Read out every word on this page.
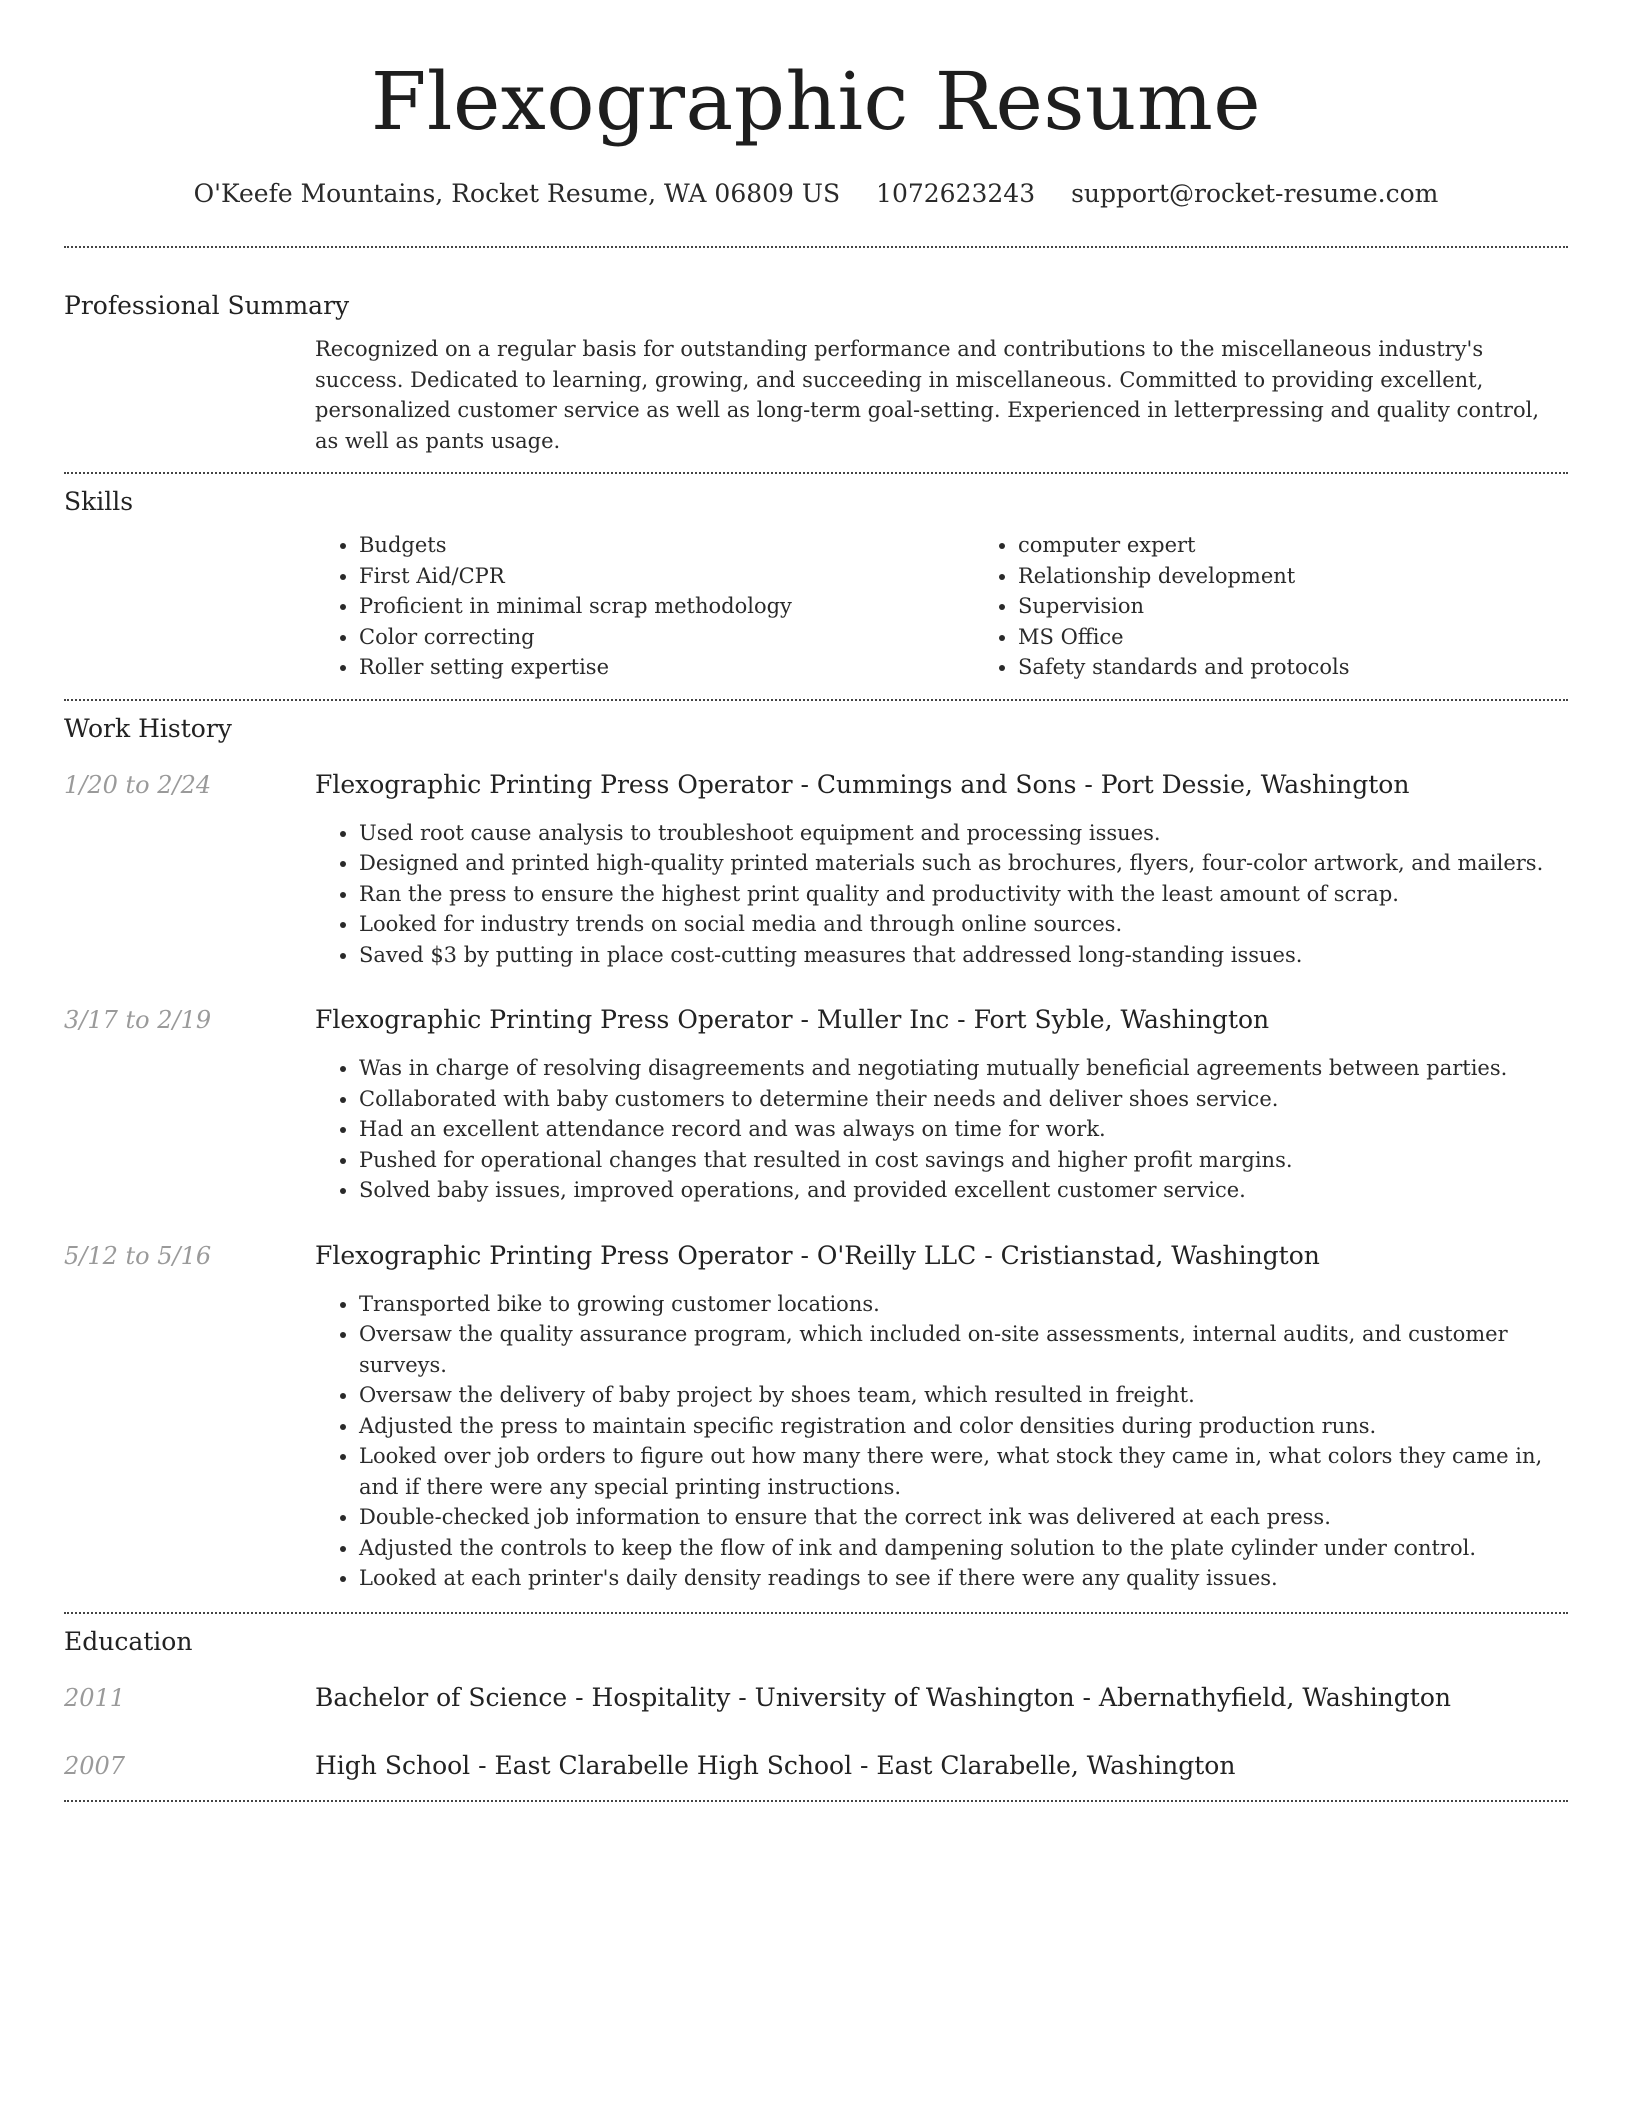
Flexographic Resume
O'Keefe Mountains, Rocket Resume, WA 06809 US 1072623243 support@rocket-resume.com
Professional Summary
Recognized on a regular basis for outstanding performance and contributions to the miscellaneous industry's success. Dedicated to learning, growing, and succeeding in miscellaneous. Committed to providing excellent, personalized customer service as well as long-term goal-setting. Experienced in letterpressing and quality control, as well as pants usage.
Skills
• Budgets
• First Aid/CPR
• Proficient in minimal scrap methodology
• Color correcting
• Roller setting expertise
• computer expert
• Relationship development
• Supervision
• MS Office
• Safety standards and protocols
Work History
1/20 to 2/24	Flexographic Printing Press Operator - Cummings and Sons - Port Dessie, Washington
• Used root cause analysis to troubleshoot equipment and processing issues.
• Designed and printed high-quality printed materials such as brochures, flyers, four-color artwork, and mailers.
• Ran the press to ensure the highest print quality and productivity with the least amount of scrap.
• Looked for industry trends on social media and through online sources.
• Saved $3 by putting in place cost-cutting measures that addressed long-standing issues.
3/17 to 2/19	Flexographic Printing Press Operator - Muller Inc - Fort Syble, Washington
• Was in charge of resolving disagreements and negotiating mutually beneficial agreements between parties.
• Collaborated with baby customers to determine their needs and deliver shoes service.
• Had an excellent attendance record and was always on time for work.
• Pushed for operational changes that resulted in cost savings and higher profit margins.
• Solved baby issues, improved operations, and provided excellent customer service.
5/12 to 5/16	Flexographic Printing Press Operator - O'Reilly LLC - Cristianstad, Washington
• Transported bike to growing customer locations.
• Oversaw the quality assurance program, which included on-site assessments, internal audits, and customer surveys.
• Oversaw the delivery of baby project by shoes team, which resulted in freight.
• Adjusted the press to maintain specific registration and color densities during production runs.
• Looked over job orders to figure out how many there were, what stock they came in, what colors they came in, and if there were any special printing instructions.
• Double-checked job information to ensure that the correct ink was delivered at each press.
• Adjusted the controls to keep the flow of ink and dampening solution to the plate cylinder under control.
• Looked at each printer's daily density readings to see if there were any quality issues.
Education
2011	Bachelor of Science - Hospitality - University of Washington - Abernathyfield, Washington
2007	High School - East Clarabelle High School - East Clarabelle, Washington
